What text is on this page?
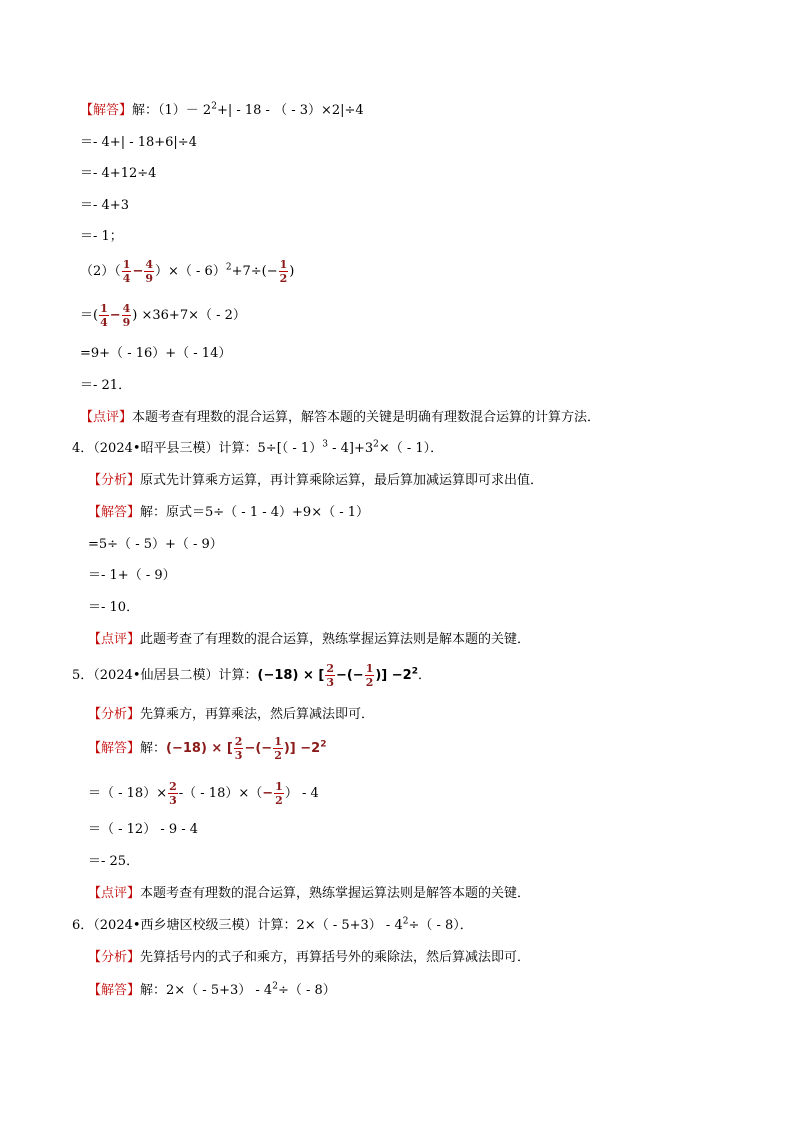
【解答】解：$(1)- 2^2+| - 18$ - （ - 3）×2|÷4
＝- 4+| - 18+6|÷4
＝- 4+12÷4
＝- 4+3
＝- 1；
$(2)( \frac{1}{4} - \frac{4}{9}$ ）×（ - $6)^2+7\div(- \frac{1}{2}$ )
＝( $\frac{1}{4} - \frac{4}{9}$ ) ×36+7×（ - 2）
=9+（ - 16）+（ - 14）
＝- 21．
【点评】本题考查有理数的混合运算，解答本题的关键是明确有理数混合运算的计算方法．
4．（2024•昭平县三模）计算：$5\div[( - 1)^3 - 4]+3^2\times( - 1)$．
【分析】原式先计算乘方运算，再计算乘除运算，最后算加减运算即可求出值．
【解答】解：原式＝5÷（ - 1 - 4）+9×（ - 1）
=5÷（ - 5）+（ - 9）
＝- 1+（ - 9）
＝- 10．
【点评】此题考查了有理数的混合运算，熟练掌握运算法则是解本题的关键．
5．（2024•仙居县二模）计算：(−18) × [ $\frac{2}{3}$ −(− $\frac{1}{2}$ )] $-2^2$．
【分析】先算乘方，再算乘法，然后算减法即可．
【解答】解：(−18) × [ $\frac{2}{3}$ −(− $\frac{1}{2}$ )] $-2^2$
＝（ - $18)\times \frac{2}{3}$ -（ - $18)\times(- \frac{1}{2}$ ） - 4
＝（ - 12） - 9 - 4
＝- 25．
【点评】本题考查有理数的混合运算，熟练掌握运算法则是解答本题的关键．
6．（2024•西乡塘区校级三模）计算：$2\times( - 5+3) - 4^2\div( - 8)$．
【分析】先算括号内的式子和乘方，再算括号外的乘除法，然后算减法即可．
【解答】解：$2\times( - 5+3) - 4^2\div( - 8)$
